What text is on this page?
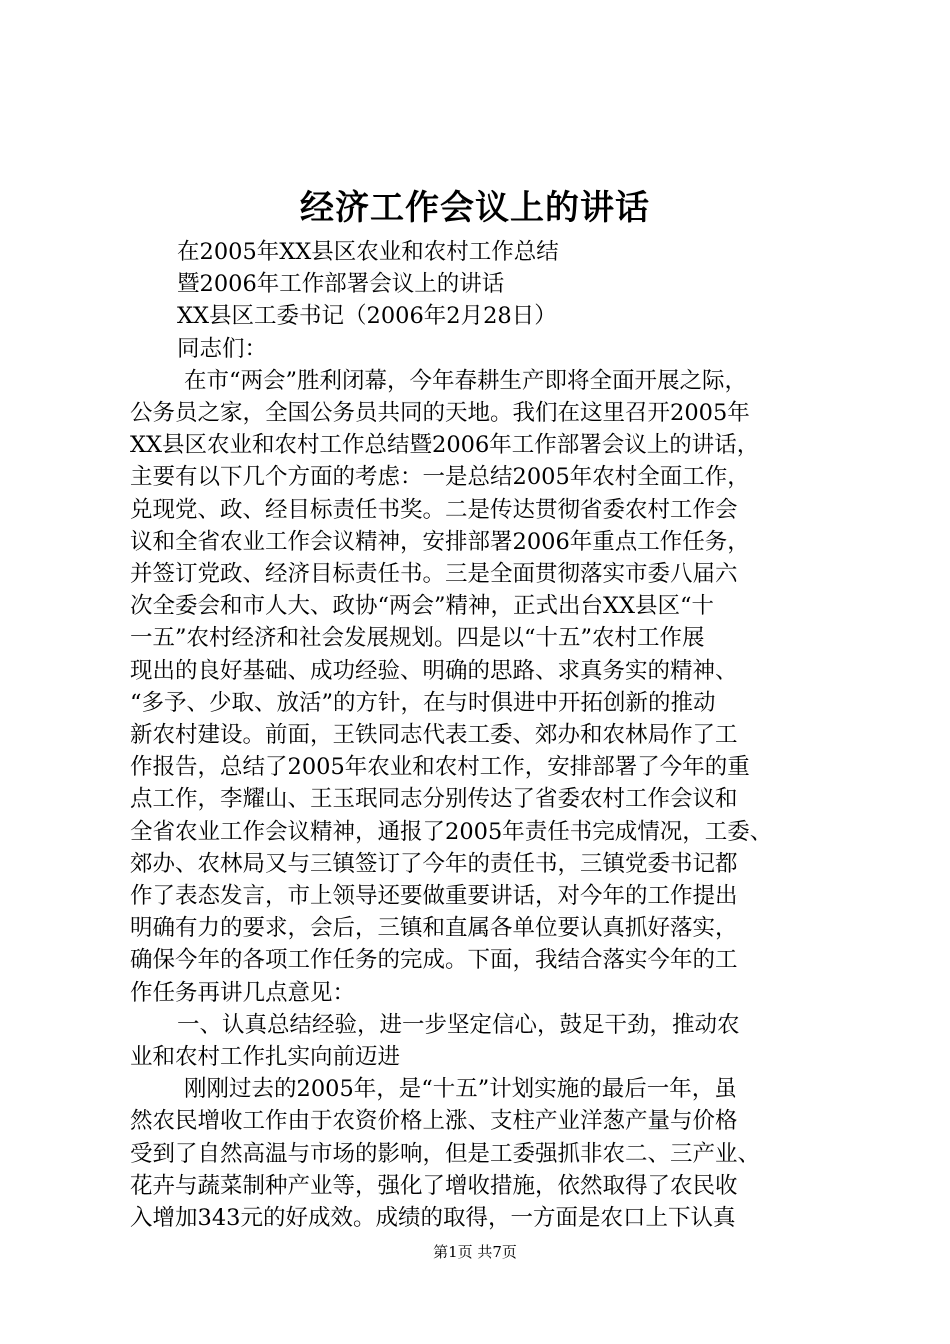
经济工作会议上的讲话
在2005年XX县区农业和农村工作总结
暨2006年工作部署会议上的讲话
XX县区工委书记（2006年2月28日）
同志们：
在市“两会”胜利闭幕，今年春耕生产即将全面开展之际，
公务员之家，全国公务员共同的天地。我们在这里召开2005年
XX县区农业和农村工作总结暨2006年工作部署会议上的讲话，
主要有以下几个方面的考虑：一是总结2005年农村全面工作，
兑现党、政、经目标责任书奖。二是传达贯彻省委农村工作会
议和全省农业工作会议精神，安排部署2006年重点工作任务，
并签订党政、经济目标责任书。三是全面贯彻落实市委八届六
次全委会和市人大、政协“两会”精神，正式出台XX县区“十
一五”农村经济和社会发展规划。四是以“十五”农村工作展
现出的良好基础、成功经验、明确的思路、求真务实的精神、
“多予、少取、放活”的方针，在与时俱进中开拓创新的推动
新农村建设。前面，王铁同志代表工委、郊办和农林局作了工
作报告，总结了2005年农业和农村工作，安排部署了今年的重
点工作，李耀山、王玉珉同志分别传达了省委农村工作会议和
全省农业工作会议精神，通报了2005年责任书完成情况，工委、
郊办、农林局又与三镇签订了今年的责任书，三镇党委书记都
作了表态发言，市上领导还要做重要讲话，对今年的工作提出
明确有力的要求，会后，三镇和直属各单位要认真抓好落实，
确保今年的各项工作任务的完成。下面，我结合落实今年的工
作任务再讲几点意见：
一、认真总结经验，进一步坚定信心，鼓足干劲，推动农
业和农村工作扎实向前迈进
刚刚过去的2005年，是“十五”计划实施的最后一年，虽
然农民增收工作由于农资价格上涨、支柱产业洋葱产量与价格
受到了自然高温与市场的影响，但是工委强抓非农二、三产业、
花卉与蔬菜制种产业等，强化了增收措施，依然取得了农民收
入增加343元的好成效。成绩的取得，一方面是农口上下认真
第1页 共7页
